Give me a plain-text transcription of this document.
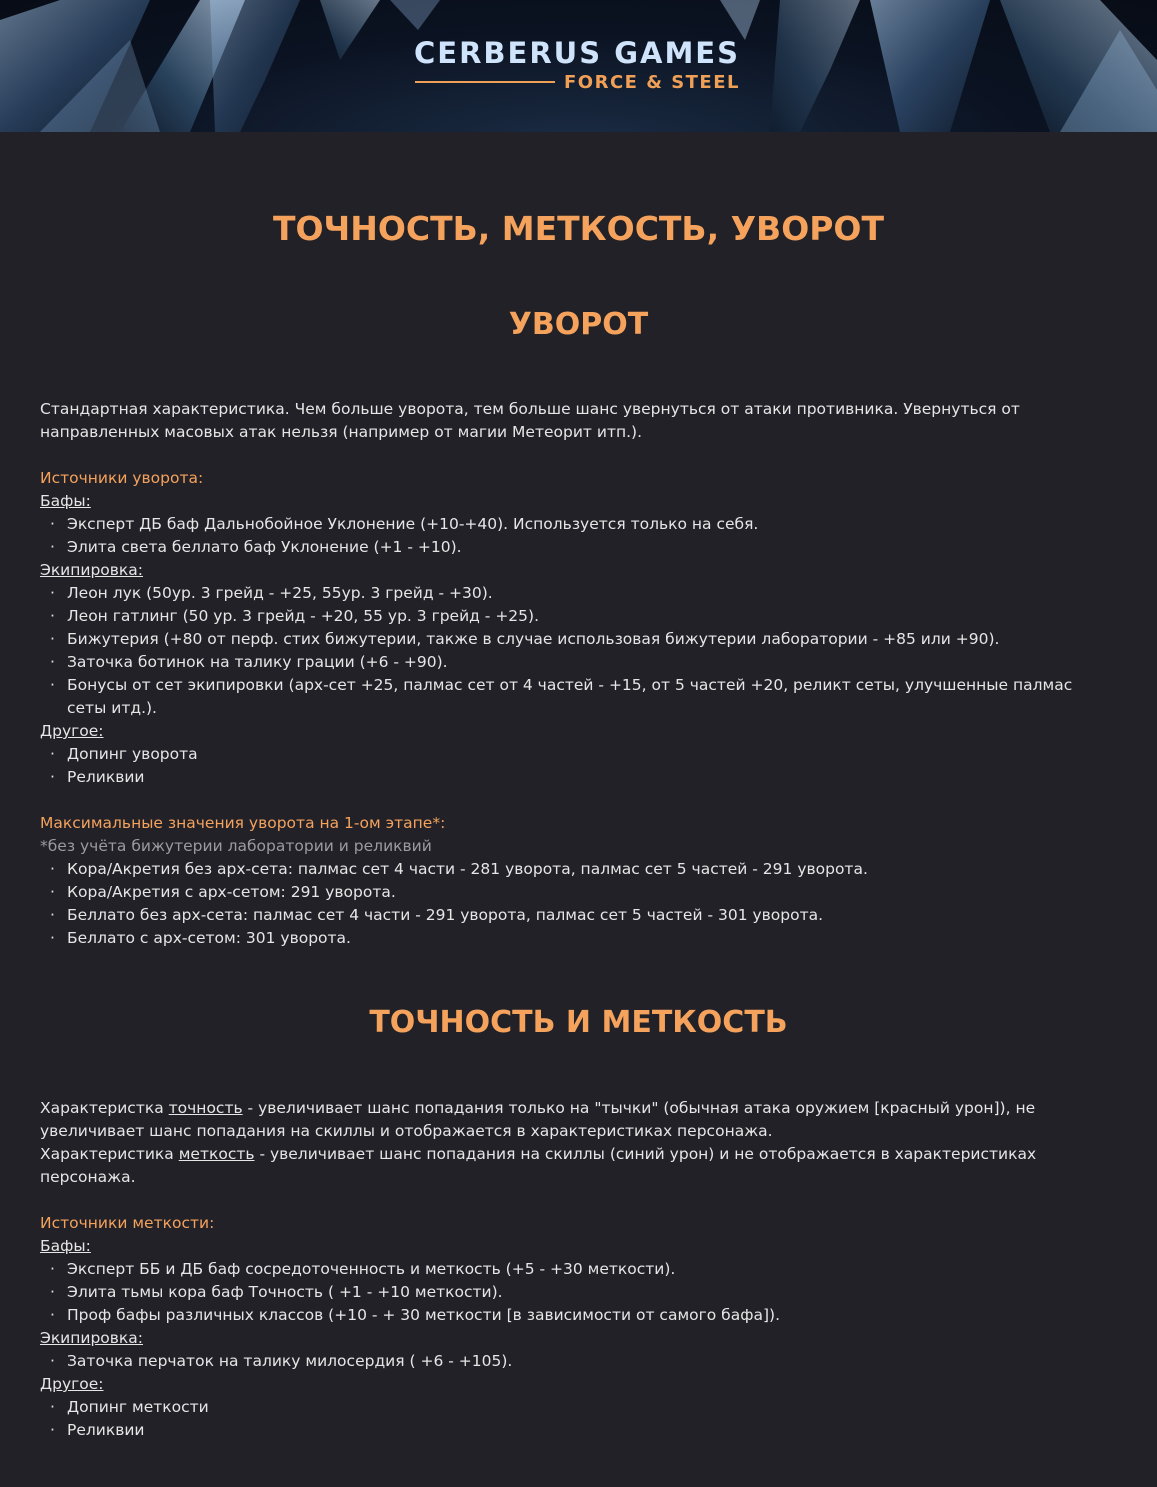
CERBERUS GAMES
FORCE & STEEL
ТОЧНОСТЬ, МЕТКОСТЬ, УВОРОТ
УВОРОТ

Стандартная характеристика. Чем больше уворота, тем больше шанс увернуться от атаки противника. Увернуться от

направленных масовых атак нельзя (например от магии Метеорит итп.).

Источники уворота:

Бафы:

· Эксперт ДБ баф Дальнобойное Уклонение (+10-+40). Используется только на себя.
· Элита света беллато баф Уклонение (+1 - +10).

Экипировка:

· Леон лук (50ур. 3 грейд - +25, 55ур. 3 грейд - +30).
· Леон гатлинг (50 ур. 3 грейд - +20, 55 ур. 3 грейд - +25).
· Бижутерия (+80 от перф. стих бижутерии, также в случае использовая бижутерии лаборатории - +85 или +90).
· Заточка ботинок на талику грации (+6 - +90).
· Бонусы от сет экипировки (арх-сет +25, палмас сет от 4 частей - +15, от 5 частей +20, реликт сеты, улучшенные палмас сеты итд.).

Другое:

· Допинг уворота
· Реликвии

Максимальные значения уворота на 1-ом этапе*:

*без учёта бижутерии лаборатории и реликвий

· Кора/Акретия без арх-сета: палмас сет 4 части - 281 уворота, палмас сет 5 частей - 291 уворота.
· Кора/Акретия с арх-сетом: 291 уворота.
· Беллато без арх-сета: палмас сет 4 части - 291 уворота, палмас сет 5 частей - 301 уворота.
· Беллато с арх-сетом: 301 уворота.
ТОЧНОСТЬ И МЕТКОСТЬ

Характеристка точность - увеличивает шанс попадания только на "тычки" (обычная атака оружием [красный урон]), не

увеличивает шанс попадания на скиллы и отображается в характеристиках персонажа.

Характеристика меткость - увеличивает шанс попадания на скиллы (синий урон) и не отображается в характеристиках

персонажа.

Источники меткости:

Бафы:

· Эксперт ББ и ДБ баф сосредоточенность и меткость (+5 - +30 меткости).
· Элита тьмы кора баф Точность ( +1 - +10 меткости).
· Проф бафы различных классов (+10 - + 30 меткости [в зависимости от самого бафа]).

Экипировка:

· Заточка перчаток на талику милосердия ( +6 - +105).

Другое:

· Допинг меткости
· Реликвии
